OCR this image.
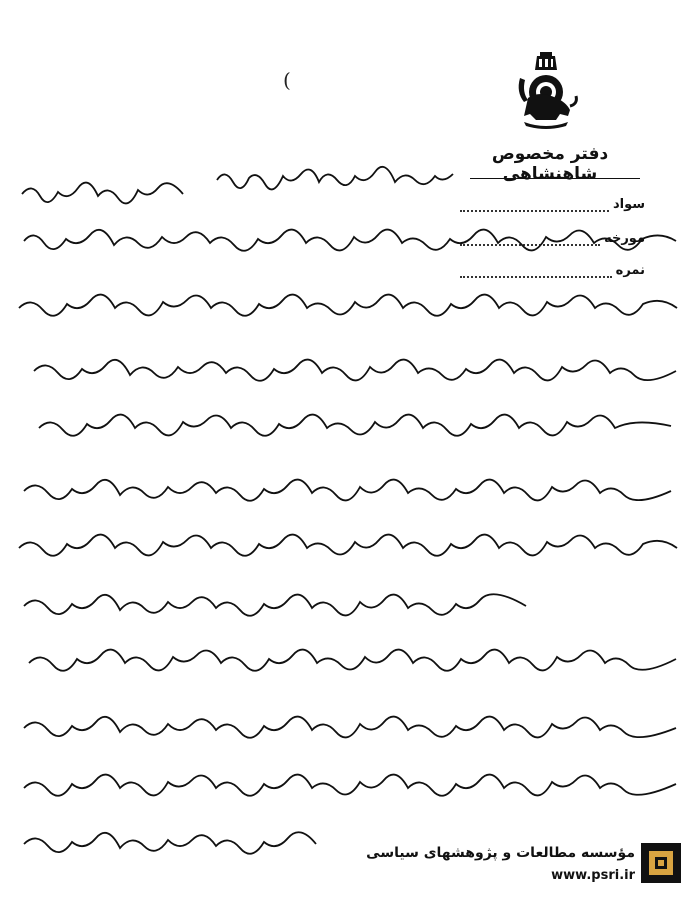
(
دفتر مخصوص شاهنشاهی
سواد
مورخه
نمره
مؤسسه مطالعات و پژوهشهای سیاسی
www.psri.ir
